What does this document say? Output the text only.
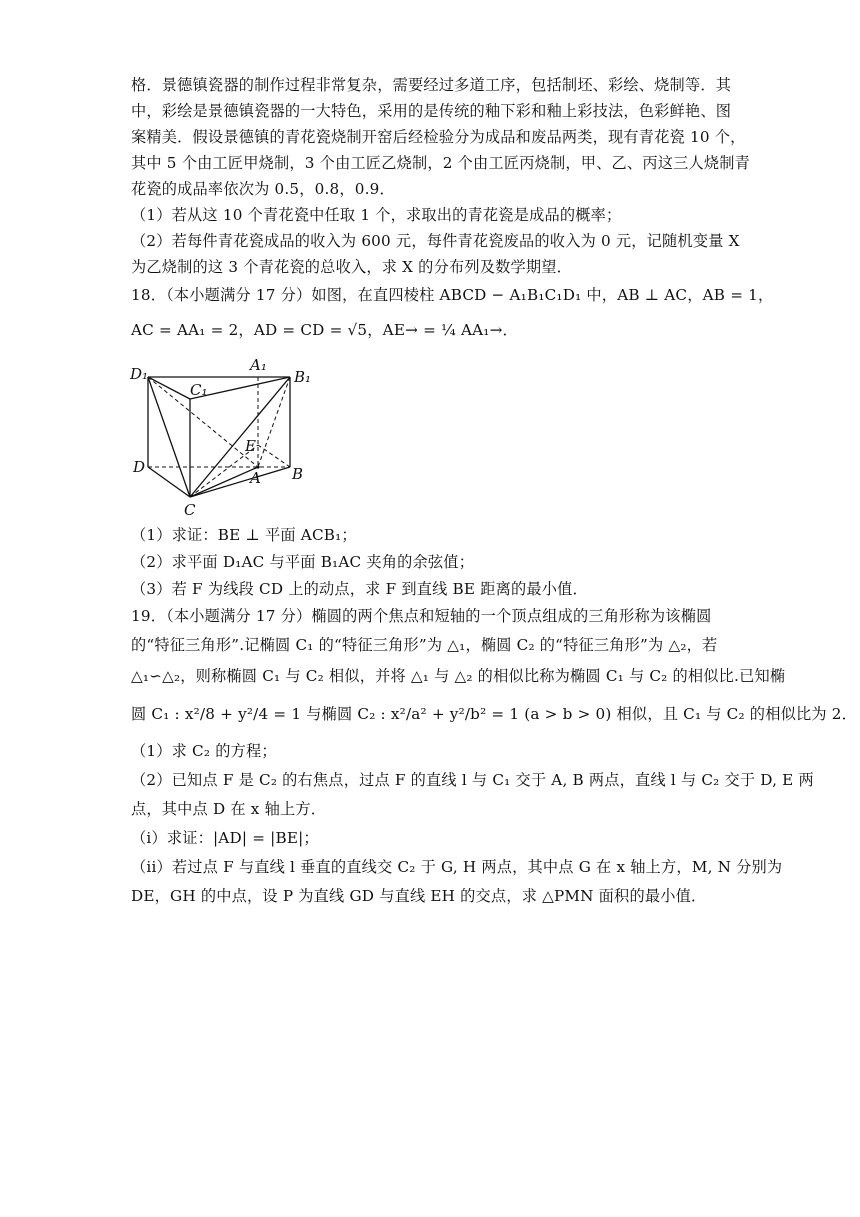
格．景德镇瓷器的制作过程非常复杂，需要经过多道工序，包括制坯、彩绘、烧制等．其
中，彩绘是景德镇瓷器的一大特色，采用的是传统的釉下彩和釉上彩技法，色彩鲜艳、图
案精美．假设景德镇的青花瓷烧制开窑后经检验分为成品和废品两类，现有青花瓷 10 个，
其中 5 个由工匠甲烧制，3 个由工匠乙烧制，2 个由工匠丙烧制，甲、乙、丙这三人烧制青
花瓷的成品率依次为 0.5，0.8，0.9．
（1）若从这 10 个青花瓷中任取 1 个，求取出的青花瓷是成品的概率；
（2）若每件青花瓷成品的收入为 600 元，每件青花瓷废品的收入为 0 元，记随机变量 X
为乙烧制的这 3 个青花瓷的总收入，求 X 的分布列及数学期望．
18．（本小题满分 17 分）如图，在直四棱柱 ABCD − A₁B₁C₁D₁ 中，AB ⊥ AC，AB = 1，
AC = AA₁ = 2，AD = CD = √5，AE→ = ¼ AA₁→．
D₁	A₁
B₁
C₁
E
D
A B
C
（1）求证：BE ⊥ 平面 ACB₁；
（2）求平面 D₁AC 与平面 B₁AC 夹角的余弦值；
（3）若 F 为线段 CD 上的动点，求 F 到直线 BE 距离的最小值．
19．（本小题满分 17 分）椭圆的两个焦点和短轴的一个顶点组成的三角形称为该椭圆
的“特征三角形”.记椭圆 C₁ 的“特征三角形”为 △₁，椭圆 C₂ 的“特征三角形”为 △₂，若
△₁∽△₂，则称椭圆 C₁ 与 C₂ 相似，并将 △₁ 与 △₂ 的相似比称为椭圆 C₁ 与 C₂ 的相似比.已知椭
圆 C₁ : x²/8 + y²/4 = 1 与椭圆 C₂ : x²/a² + y²/b² = 1 (a > b > 0) 相似，且 C₁ 与 C₂ 的相似比为 2．
（1）求 C₂ 的方程；
（2）已知点 F 是 C₂ 的右焦点，过点 F 的直线 l 与 C₁ 交于 A, B 两点，直线 l 与 C₂ 交于 D, E 两
点，其中点 D 在 x 轴上方．
（i）求证：|AD| = |BE|；
（ii）若过点 F 与直线 l 垂直的直线交 C₂ 于 G, H 两点，其中点 G 在 x 轴上方，M, N 分别为
DE，GH 的中点，设 P 为直线 GD 与直线 EH 的交点，求 △PMN 面积的最小值．
